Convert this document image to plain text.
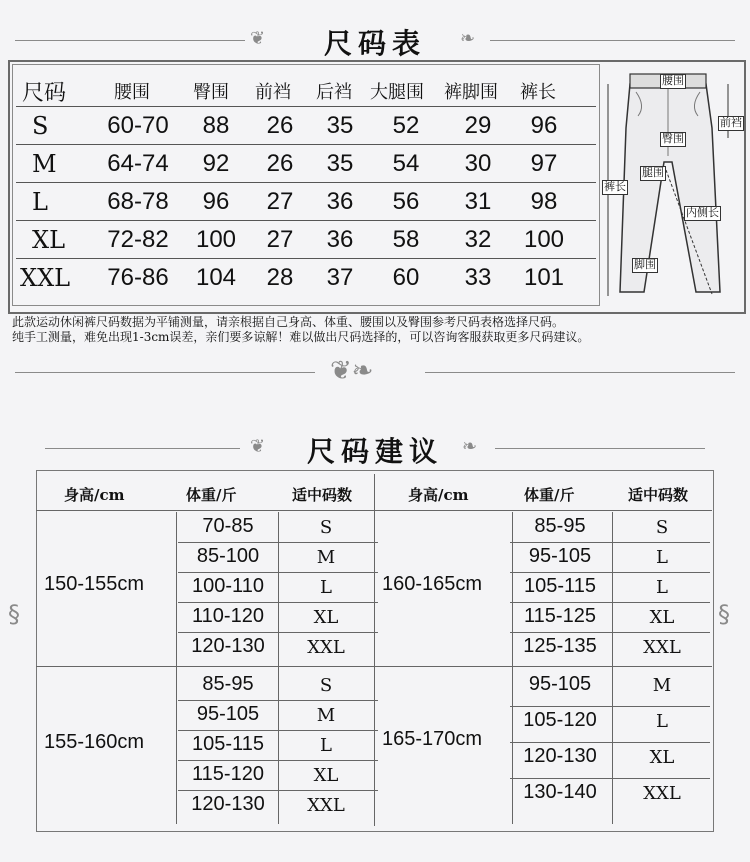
❦	尺码表	❧
尺码	腰围 臀围 前裆 后裆 大腿围 裤脚围 裤长
S	60-70	88	26	35	52	29	96
M	64-74	92	26	35	54	30	97
L	68-78	96	27	36	56	31	98
XL	72-82	100	27	36	58	32	100
XXL	76-86	104	28	37	60	33	101
腰围
前裆
臀围
腿围
裤长
内侧长
脚围
此款运动休闲裤尺码数据为平铺测量，请亲根据自己身高、体重、腰围以及臀围参考尺码表格选择尺码。
纯手工测量，难免出现1-3cm误差，亲们要多谅解！难以做出尺码选择的，可以咨询客服获取更多尺码建议。
❦❧
❦	尺码建议	❧
§	§
身高/cm	体重/斤	适中码数	身高/cm	体重/斤	适中码数
150-155cm
70-85	S
85-100	M
100-110	L
110-120	XL
120-130	XXL
155-160cm
85-95	S
95-105	M
105-115	L
115-120	XL
120-130	XXL
160-165cm
85-95	S
95-105	L
105-115	L
115-125	XL
125-135	XXL
165-170cm
95-105	M
105-120	L
120-130	XL
130-140	XXL
